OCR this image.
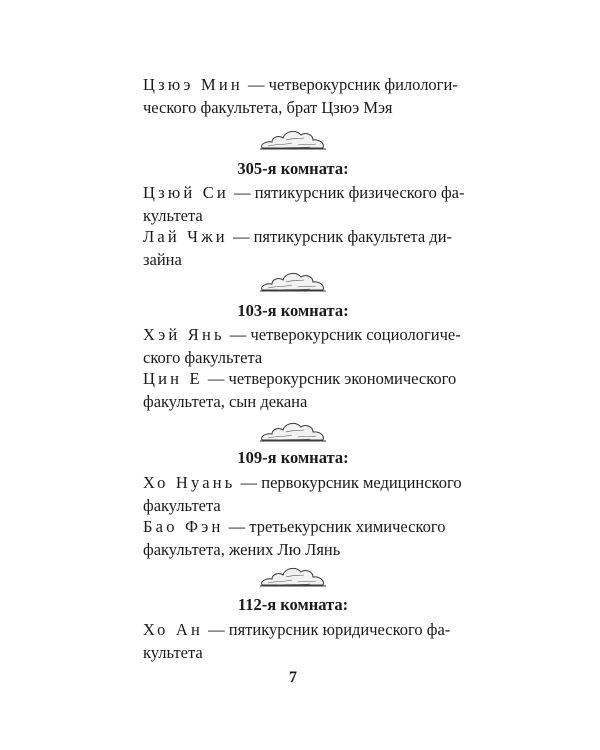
Цзюэ Мин — четверокурсник филологи-
ческого факультета, брат Цзюэ Мэя

305-я комната:

Цзюй Си — пятикурсник физического фа-
культета

Лай Чжи — пятикурсник факультета ди-
зайна

103-я комната:

Хэй Янь — четверокурсник социологиче-
ского факультета

Цин Е — четверокурсник экономического
факультета, сын декана

109-я комната:

Хо Нуань — первокурсник медицинского
факультета

Бао Фэн — третьекурсник химического
факультета, жених Лю Лянь

112-я комната:

Хо Ан — пятикурсник юридического фа-
культета

7
